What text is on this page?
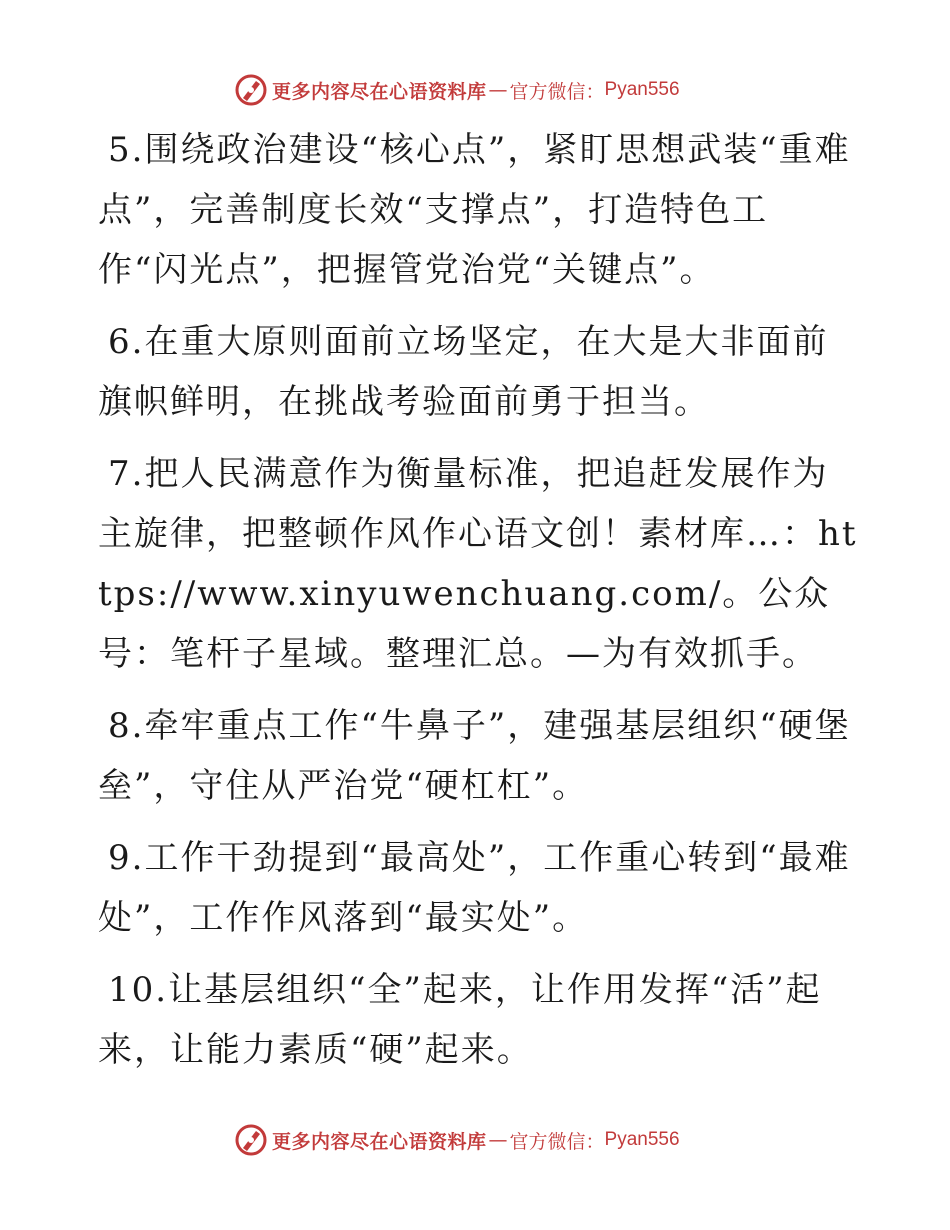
更多内容尽在心语资料库 — 官方微信： Pyan556

5.围绕政治建设“核心点”，紧盯思想武装“重难点”，完善制度长效“支撑点”，打造特色工作“闪光点”，把握管党治党“关键点”。

6.在重大原则面前立场坚定，在大是大非面前旗帜鲜明，在挑战考验面前勇于担当。

7.把人民满意作为衡量标准，把追赶发展作为主旋律，把整顿作风作心语文创！素材库…：https://www.xinyuwenchuang.com/。公众号：笔杆子星域。整理汇总。—为有效抓手。

8.牵牢重点工作“牛鼻子”，建强基层组织“硬堡垒”，守住从严治党“硬杠杠”。

9.工作干劲提到“最高处”，工作重心转到“最难处”，工作作风落到“最实处”。

10.让基层组织“全”起来，让作用发挥“活”起来，让能力素质“硬”起来。

更多内容尽在心语资料库 — 官方微信： Pyan556
